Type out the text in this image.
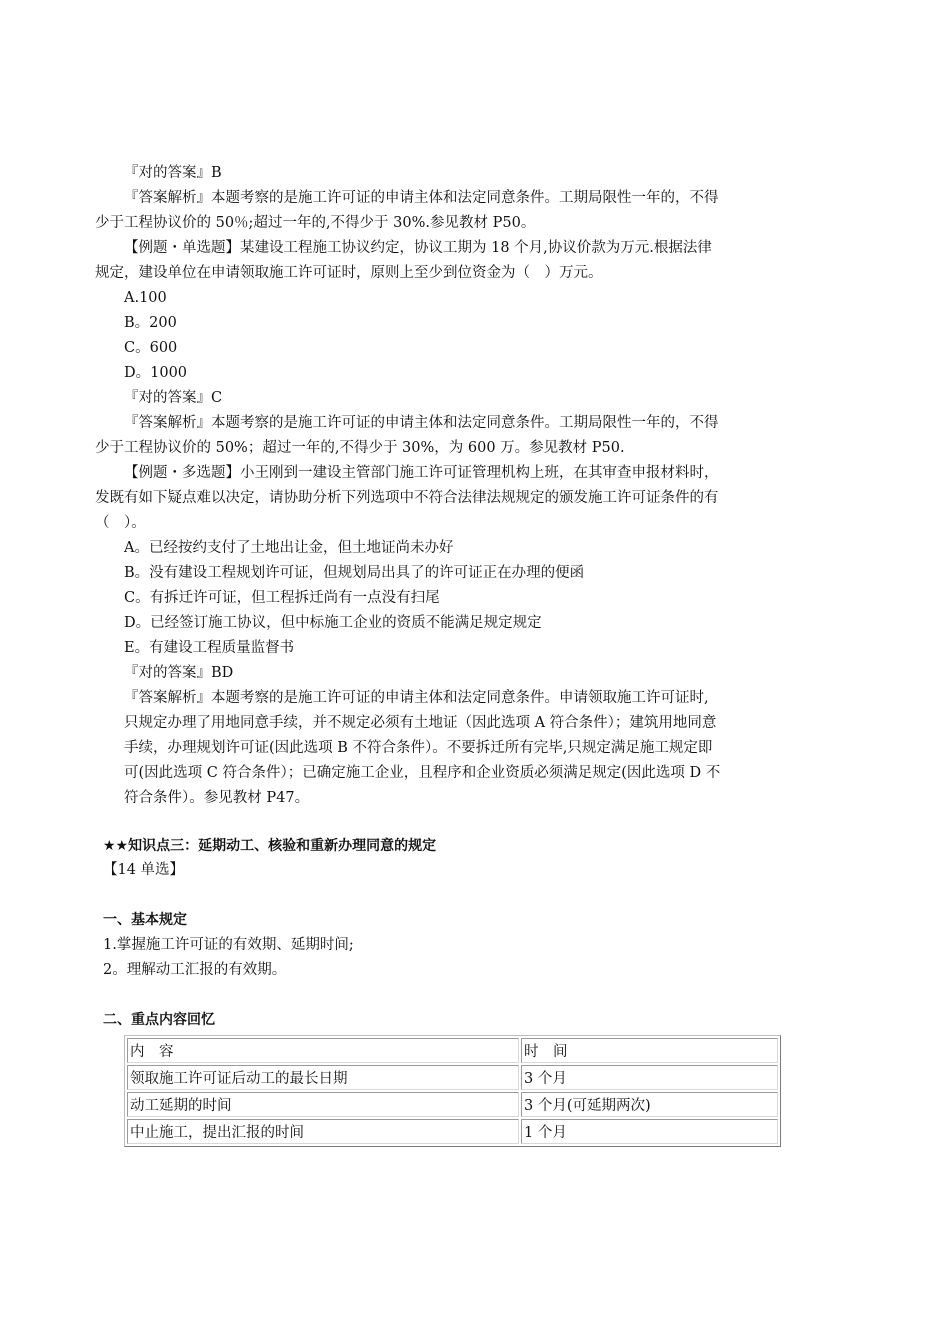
『对的答案』B
『答案解析』本题考察的是施工许可证的申请主体和法定同意条件。工期局限性一年的，不得
少于工程协议价的 50％;超过一年的,不得少于 30%.参见教材 P50。
【例题・单选题】某建设工程施工协议约定，协议工期为 18 个月,协议价款为万元.根据法律
规定，建设单位在申请领取施工许可证时，原则上至少到位资金为（　）万元。
A.100
B。200
C。600
D。1000
『对的答案』C
『答案解析』本题考察的是施工许可证的申请主体和法定同意条件。工期局限性一年的，不得
少于工程协议价的 50%；超过一年的,不得少于 30%，为 600 万。参见教材 P50.
【例题・多选题】小王刚到一建设主管部门施工许可证管理机构上班，在其审查申报材料时，
发既有如下疑点难以决定，请协助分析下列选项中不符合法律法规规定的颁发施工许可证条件的有
（　）。
A。已经按约支付了土地出让金，但土地证尚未办好
B。没有建设工程规划许可证，但规划局出具了的许可证正在办理的便函
C。有拆迁许可证，但工程拆迁尚有一点没有扫尾
D。已经签订施工协议，但中标施工企业的资质不能满足规定规定
E。有建设工程质量监督书
『对的答案』BD
『答案解析』本题考察的是施工许可证的申请主体和法定同意条件。申请领取施工许可证时,
只规定办理了用地同意手续，并不规定必须有土地证（因此选项 A 符合条件）；建筑用地同意
手续，办理规划许可证(因此选项 B 不符合条件）。不要拆迁所有完毕,只规定满足施工规定即
可(因此选项 C 符合条件）；已确定施工企业，且程序和企业资质必须满足规定(因此选项 D 不
符合条件）。参见教材 P47。
★★知识点三：延期动工、核验和重新办理同意的规定
【14 单选】
一、基本规定
1.掌握施工许可证的有效期、延期时间;
2。理解动工汇报的有效期。
二、重点内容回忆
内　容	时　间
领取施工许可证后动工的最长日期	3 个月
动工延期的时间	3 个月(可延期两次)
中止施工，提出汇报的时间	1 个月
